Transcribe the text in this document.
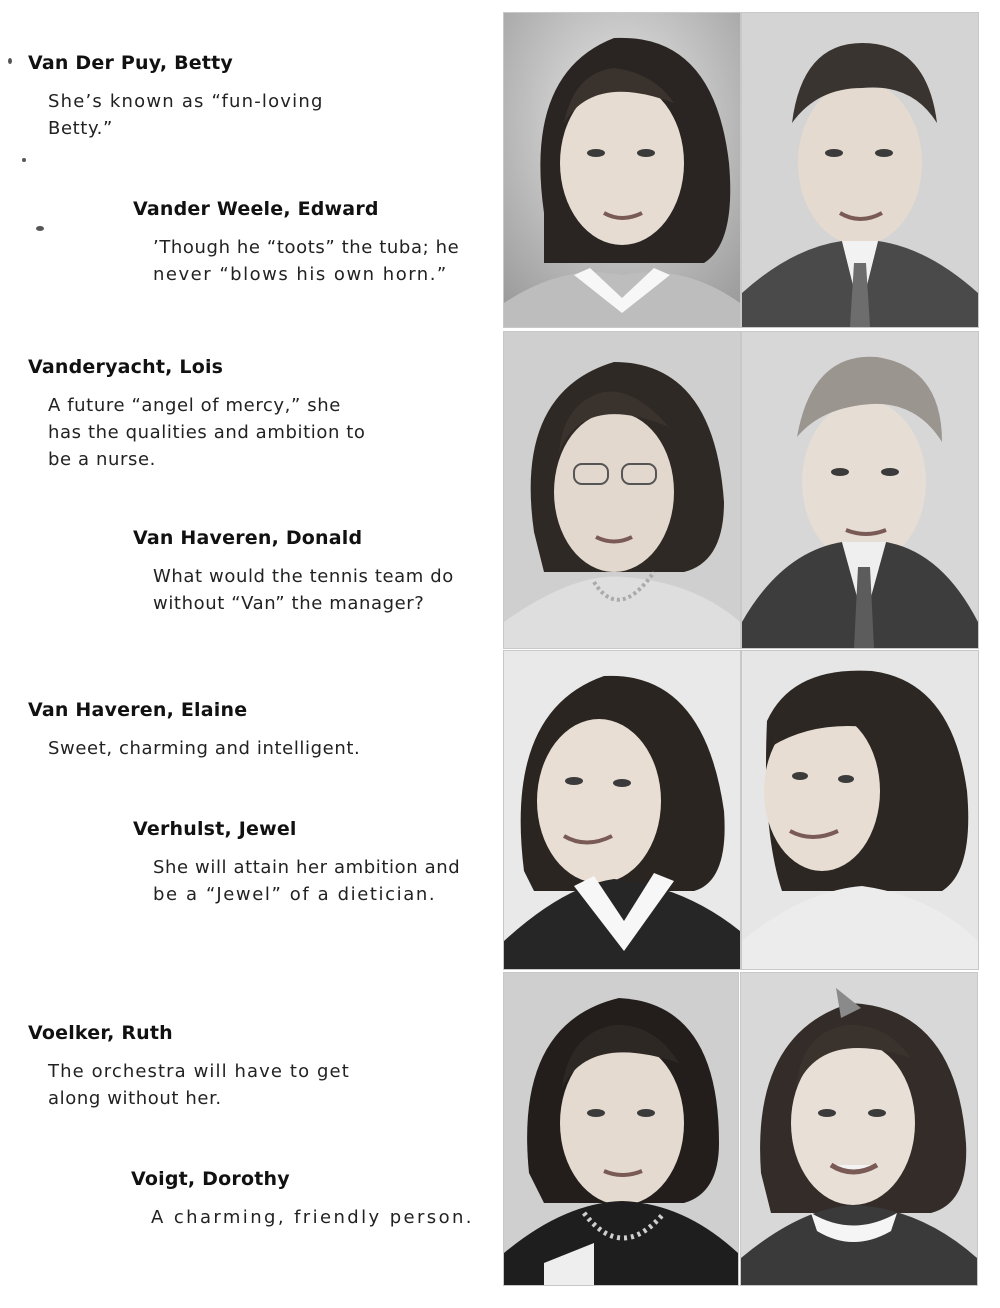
Van Der Puy, Betty
She’s known as “fun-loving
Betty.”
Vander Weele, Edward
’Though he “toots” the tuba; he
never “blows his own horn.”
Vanderyacht, Lois
A future “angel of mercy,” she
has the qualities and ambition to
be a nurse.
Van Haveren, Donald
What would the tennis team do
without “Van” the manager?
Van Haveren, Elaine
Sweet, charming and intelligent.
Verhulst, Jewel
She will attain her ambition and
be a “Jewel” of a dietician.
Voelker, Ruth
The orchestra will have to get
along without her.
Voigt, Dorothy
A charming, friendly person.
